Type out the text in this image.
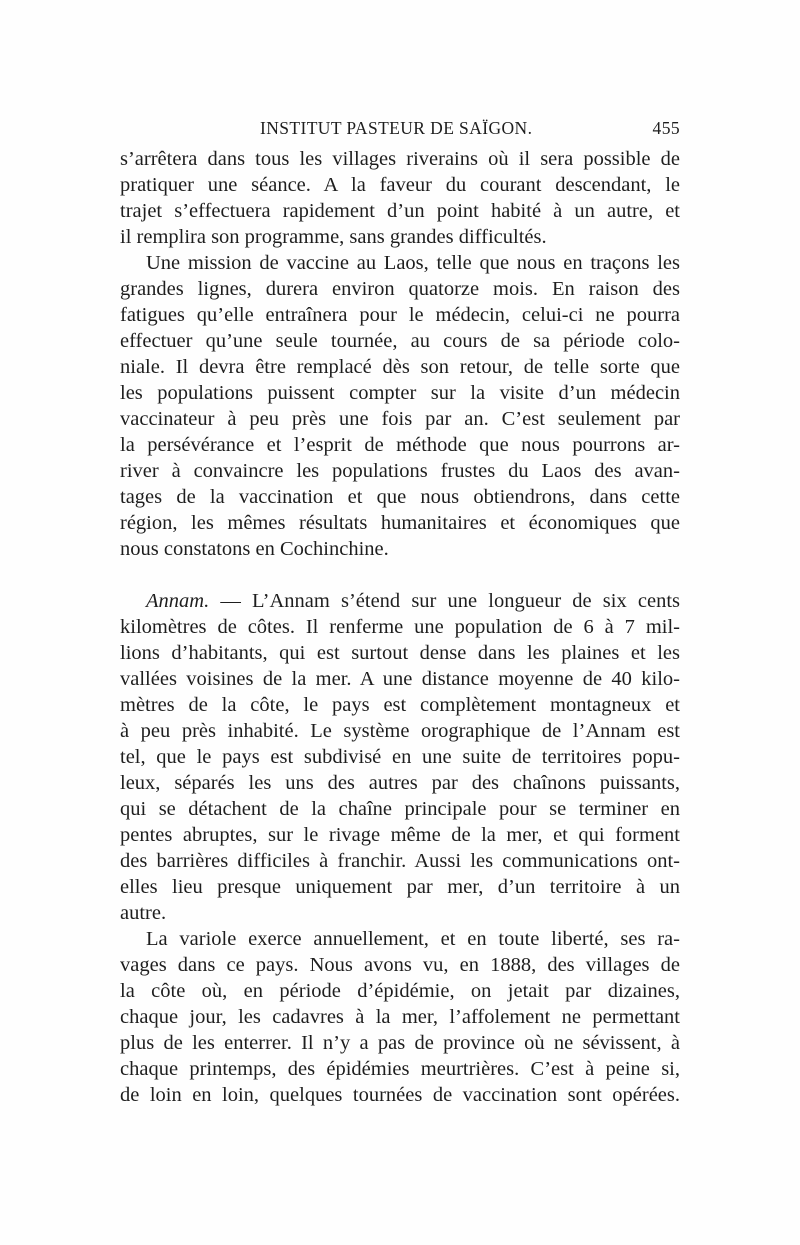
INSTITUT PASTEUR DE SAÏGON.	455
s’arrêtera dans tous les villages riverains où il sera possible de
pratiquer une séance. A la faveur du courant descendant, le
trajet s’effectuera rapidement d’un point habité à un autre, et
il remplira son programme, sans grandes difficultés.
Une mission de vaccine au Laos, telle que nous en traçons les
grandes lignes, durera environ quatorze mois. En raison des
fatigues qu’elle entraînera pour le médecin, celui-ci ne pourra
effectuer qu’une seule tournée, au cours de sa période colo-
niale. Il devra être remplacé dès son retour, de telle sorte que
les populations puissent compter sur la visite d’un médecin
vaccinateur à peu près une fois par an. C’est seulement par
la persévérance et l’esprit de méthode que nous pourrons ar-
river à convaincre les populations frustes du Laos des avan-
tages de la vaccination et que nous obtiendrons, dans cette
région, les mêmes résultats humanitaires et économiques que
nous constatons en Cochinchine.
Annam. — L’Annam s’étend sur une longueur de six cents
kilomètres de côtes. Il renferme une population de 6 à 7 mil-
lions d’habitants, qui est surtout dense dans les plaines et les
vallées voisines de la mer. A une distance moyenne de 40 kilo-
mètres de la côte, le pays est complètement montagneux et
à peu près inhabité. Le système orographique de l’Annam est
tel, que le pays est subdivisé en une suite de territoires popu-
leux, séparés les uns des autres par des chaînons puissants,
qui se détachent de la chaîne principale pour se terminer en
pentes abruptes, sur le rivage même de la mer, et qui forment
des barrières difficiles à franchir. Aussi les communications ont-
elles lieu presque uniquement par mer, d’un territoire à un
autre.
La variole exerce annuellement, et en toute liberté, ses ra-
vages dans ce pays. Nous avons vu, en 1888, des villages de
la côte où, en période d’épidémie, on jetait par dizaines,
chaque jour, les cadavres à la mer, l’affolement ne permettant
plus de les enterrer. Il n’y a pas de province où ne sévissent, à
chaque printemps, des épidémies meurtrières. C’est à peine si,
de loin en loin, quelques tournées de vaccination sont opérées.
